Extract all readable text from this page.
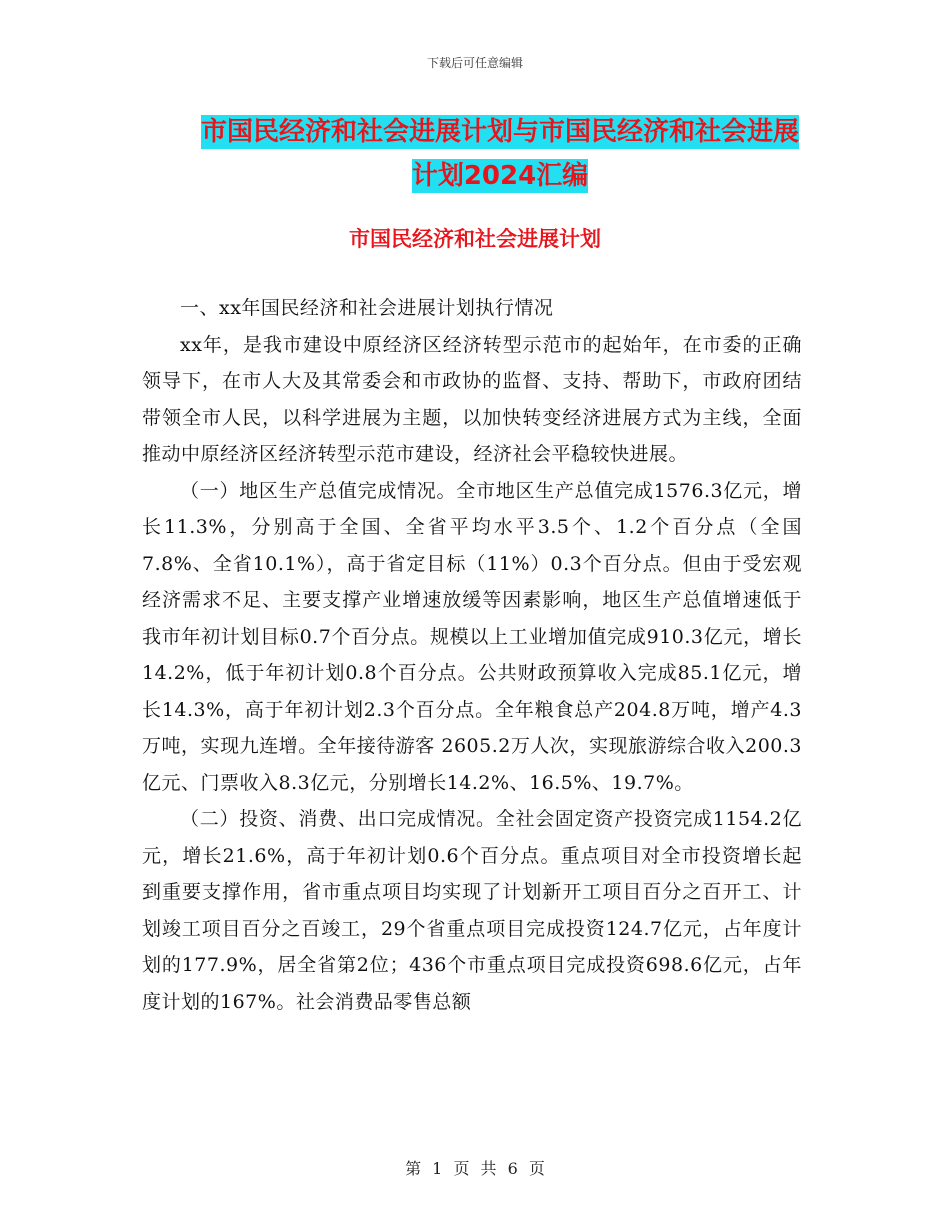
下载后可任意编辑
市国民经济和社会进展计划与市国民经济和社会进展
计划2024汇编
市国民经济和社会进展计划

一、xx年国民经济和社会进展计划执行情况

xx年，是我市建设中原经济区经济转型示范市的起始年，在市委的正确领导下，在市人大及其常委会和市政协的监督、支持、帮助下，市政府团结带领全市人民，以科学进展为主题，以加快转变经济进展方式为主线，全面推动中原经济区经济转型示范市建设，经济社会平稳较快进展。

（一）地区生产总值完成情况。全市地区生产总值完成1576.3亿元，增长11.3%，分别高于全国、全省平均水平3.5个、1.2个百分点（全国7.8%、全省10.1%），高于省定目标（11%）0.3个百分点。但由于受宏观经济需求不足、主要支撑产业增速放缓等因素影响，地区生产总值增速低于我市年初计划目标0.7个百分点。规模以上工业增加值完成910.3亿元，增长14.2%，低于年初计划0.8个百分点。公共财政预算收入完成85.1亿元，增长14.3%，高于年初计划2.3个百分点。全年粮食总产204.8万吨，增产4.3万吨，实现九连增。全年接待游客 2605.2万人次，实现旅游综合收入200.3亿元、门票收入8.3亿元，分别增长14.2%、16.5%、19.7%。

（二）投资、消费、出口完成情况。全社会固定资产投资完成1154.2亿元，增长21.6%，高于年初计划0.6个百分点。重点项目对全市投资增长起到重要支撑作用，省市重点项目均实现了计划新开工项目百分之百开工、计划竣工项目百分之百竣工，29个省重点项目完成投资124.7亿元，占年度计划的177.9%，居全省第2位；436个市重点项目完成投资698.6亿元，占年度计划的167%。社会消费品零售总额

第 1 页 共 6 页
